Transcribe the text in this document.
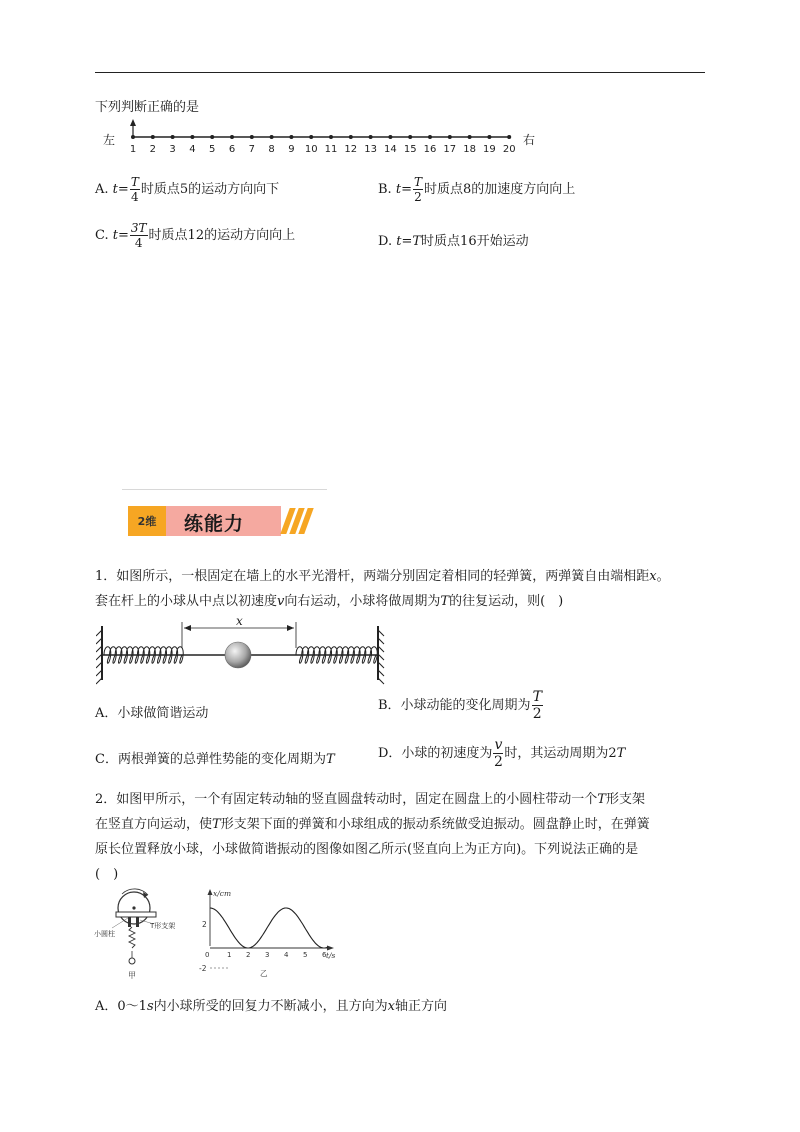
下列判断正确的是
左	右
1 2 3 4 5 6 7 8 9 10 11 12 13 14 15 16 17 18 19 20
A. $t= \frac{T}{4}$ 时质点5的运动方向向下	B. $t= \frac{T}{2}$ 时质点8的加速度方向向上
C. $t= \frac{3T}{4}$ 时质点12的运动方向向上	D. t=T时质点16开始运动
2维	练能力
1．如图所示，一根固定在墙上的水平光滑杆，两端分别固定着相同的轻弹簧，两弹簧自由端相距x。
套在杆上的小球从中点以初速度v向右运动，小球将做周期为T的往复运动，则(　)
x
A．小球做简谐运动
B．小球动能的变化周期为 $\frac{T}{2}$
C．两根弹簧的总弹性势能的变化周期为T	D．小球的初速度为 $\frac{v}{2}$ 时，其运动周期为2T
2．如图甲所示，一个有固定转动轴的竖直圆盘转动时，固定在圆盘上的小圆柱带动一个T形支架
在竖直方向运动，使T形支架下面的弹簧和小球组成的振动系统做受迫振动。圆盘静止时，在弹簧
原长位置释放小球，小球做简谐振动的图像如图乙所示(竖直向上为正方向)。下列说法正确的是
(　)
小圆柱
T形支架
甲
x/cm
t/s
2
-2
0	1 2 3 4 5 6
乙
A．0～1s内小球所受的回复力不断减小，且方向为x轴正方向
